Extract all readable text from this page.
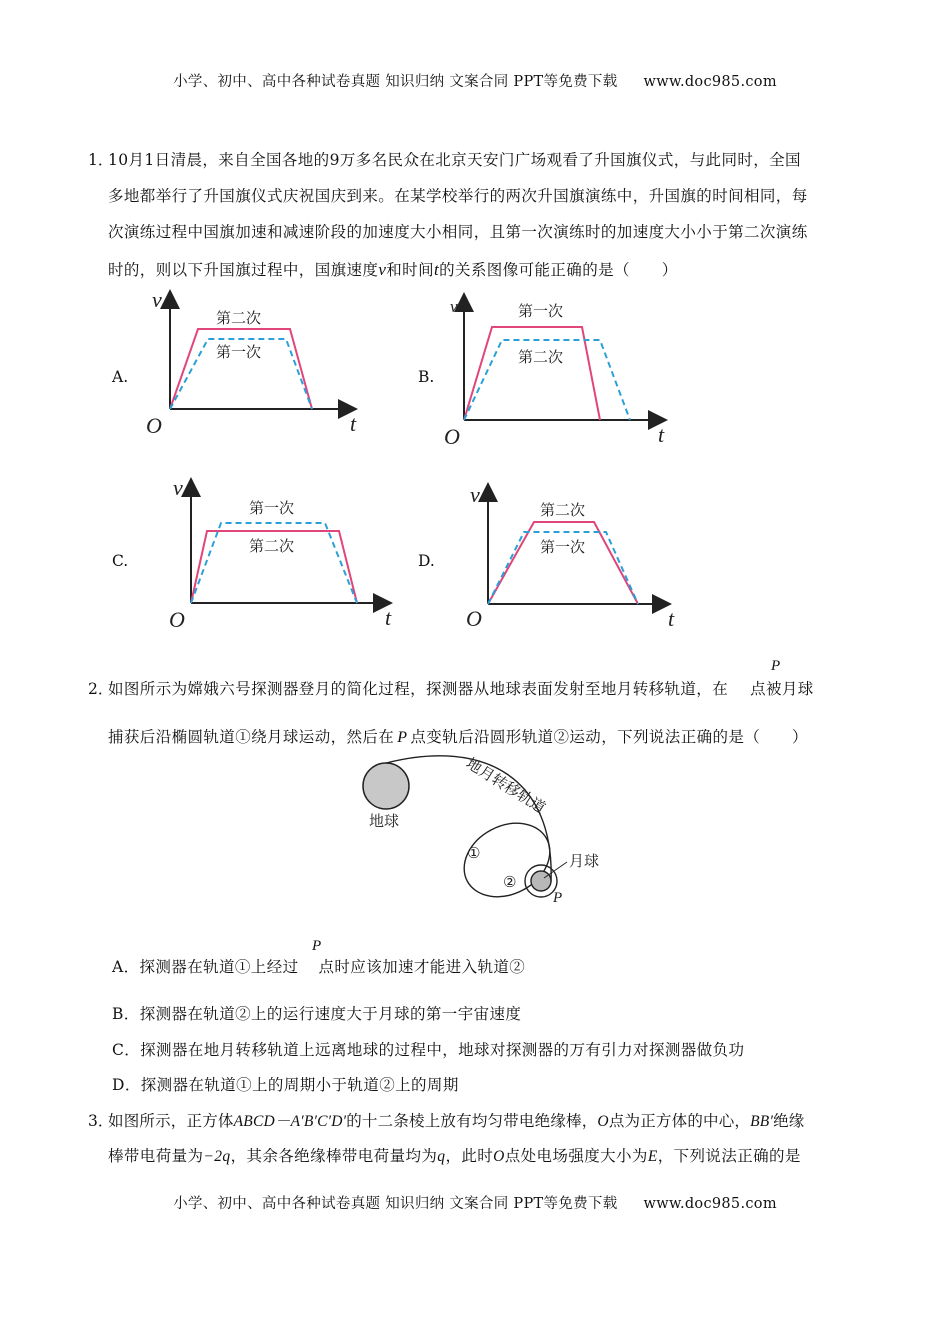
小学、初中、高中各种试卷真题 知识归纳 文案合同 PPT等免费下载 www.doc985.com
1．
10月1日清晨，来自全国各地的9万多名民众在北京天安门广场观看了升国旗仪式，与此同时，全国
多地都举行了升国旗仪式庆祝国庆到来。在某学校举行的两次升国旗演练中，升国旗的时间相同，每
次演练过程中国旗加速和减速阶段的加速度大小相同，且第一次演练时的加速度大小小于第二次演练
时的，则以下升国旗过程中，国旗速度v和时间t的关系图像可能正确的是（　　）
A.	B.
C.	D.
v
t
O
第二次
第一次
v
t
O
第一次
第二次
v
t
O
第一次
第二次
v
t
O
第二次
第一次
2．
如图所示为嫦娥六号探测器登月的简化过程，探测器从地球表面发射至地月转移轨道，在 点被月球
P
捕获后沿椭圆轨道①绕月球运动，然后在 P 点变轨后沿圆形轨道②运动，下列说法正确的是（　　）
地球
地月转移轨道
月球
①
②
P
A．探测器在轨道①上经过 点时应该加速才能进入轨道②
P
B．探测器在轨道②上的运行速度大于月球的第一宇宙速度
C．探测器在地月转移轨道上远离地球的过程中，地球对探测器的万有引力对探测器做负功
D．探测器在轨道①上的周期小于轨道②上的周期
3．
如图所示，正方体ABCD－A′B′C′D′的十二条棱上放有均匀带电绝缘棒，O点为正方体的中心，BB′绝缘
棒带电荷量为−2q，其余各绝缘棒带电荷量均为q，此时O点处电场强度大小为E，下列说法正确的是
小学、初中、高中各种试卷真题 知识归纳 文案合同 PPT等免费下载 www.doc985.com
